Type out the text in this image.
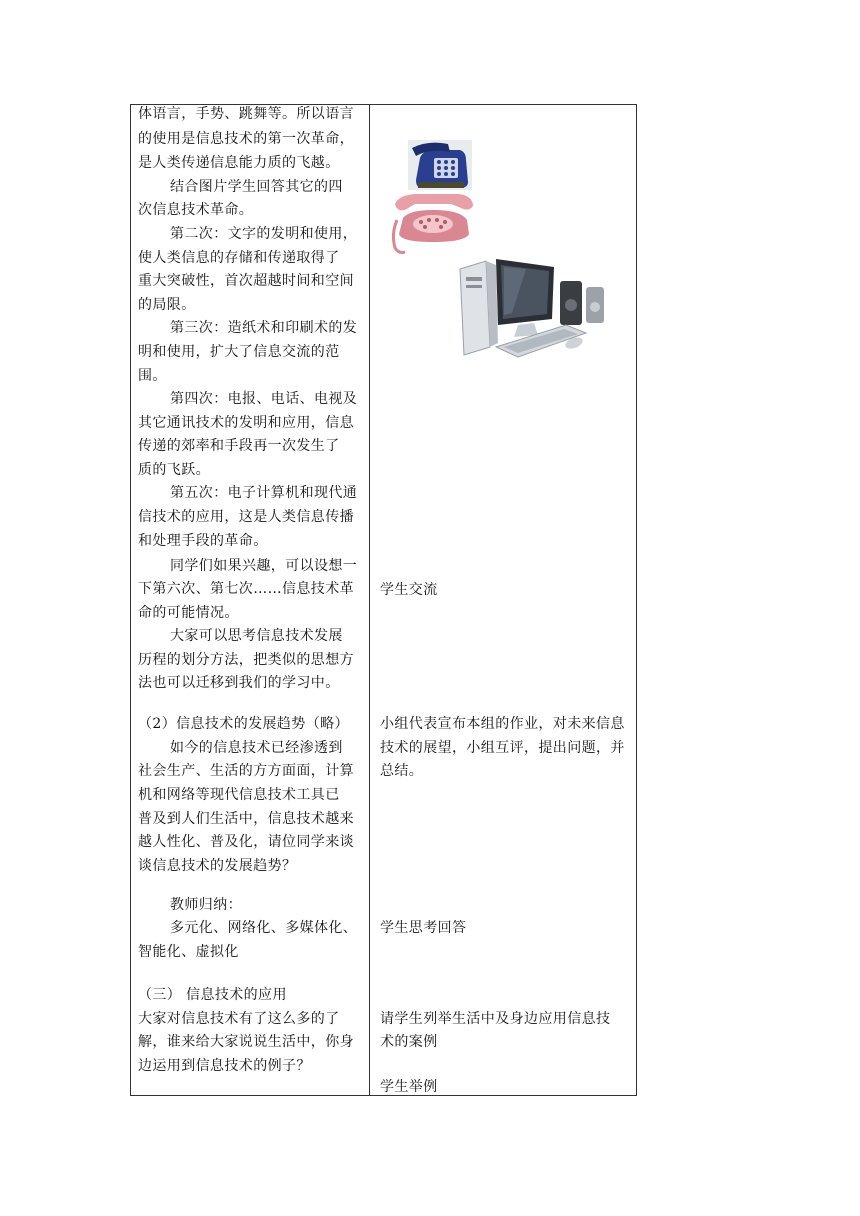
体语言，手势、跳舞等。所以语言
的使用是信息技术的第一次革命，
是人类传递信息能力质的飞越。
结合图片学生回答其它的四
次信息技术革命。
第二次：文字的发明和使用，
使人类信息的存储和传递取得了
重大突破性，首次超越时间和空间
的局限。
第三次：造纸术和印刷术的发
明和使用，扩大了信息交流的范
围。
第四次：电报、电话、电视及
其它通讯技术的发明和应用，信息
传递的郊率和手段再一次发生了
质的飞跃。
第五次：电子计算机和现代通
信技术的应用，这是人类信息传播
和处理手段的革命。
同学们如果兴趣，可以设想一
下第六次、第七次……信息技术革
命的可能情况。
大家可以思考信息技术发展
历程的划分方法，把类似的思想方
法也可以迁移到我们的学习中。
（2）信息技术的发展趋势（略）
如今的信息技术已经渗透到
社会生产、生活的方方面面，计算
机和网络等现代信息技术工具已
普及到人们生活中，信息技术越来
越人性化、普及化，请位同学来谈
谈信息技术的发展趋势？
教师归纳：
多元化、网络化、多媒体化、
智能化、虚拟化
（三） 信息技术的应用
大家对信息技术有了这么多的了
解，谁来给大家说说生活中，你身
边运用到信息技术的例子？
学生交流
小组代表宣布本组的作业，对未来信息
技术的展望，小组互评，提出问题，并
总结。
学生思考回答
请学生列举生活中及身边应用信息技
术的案例
学生举例
